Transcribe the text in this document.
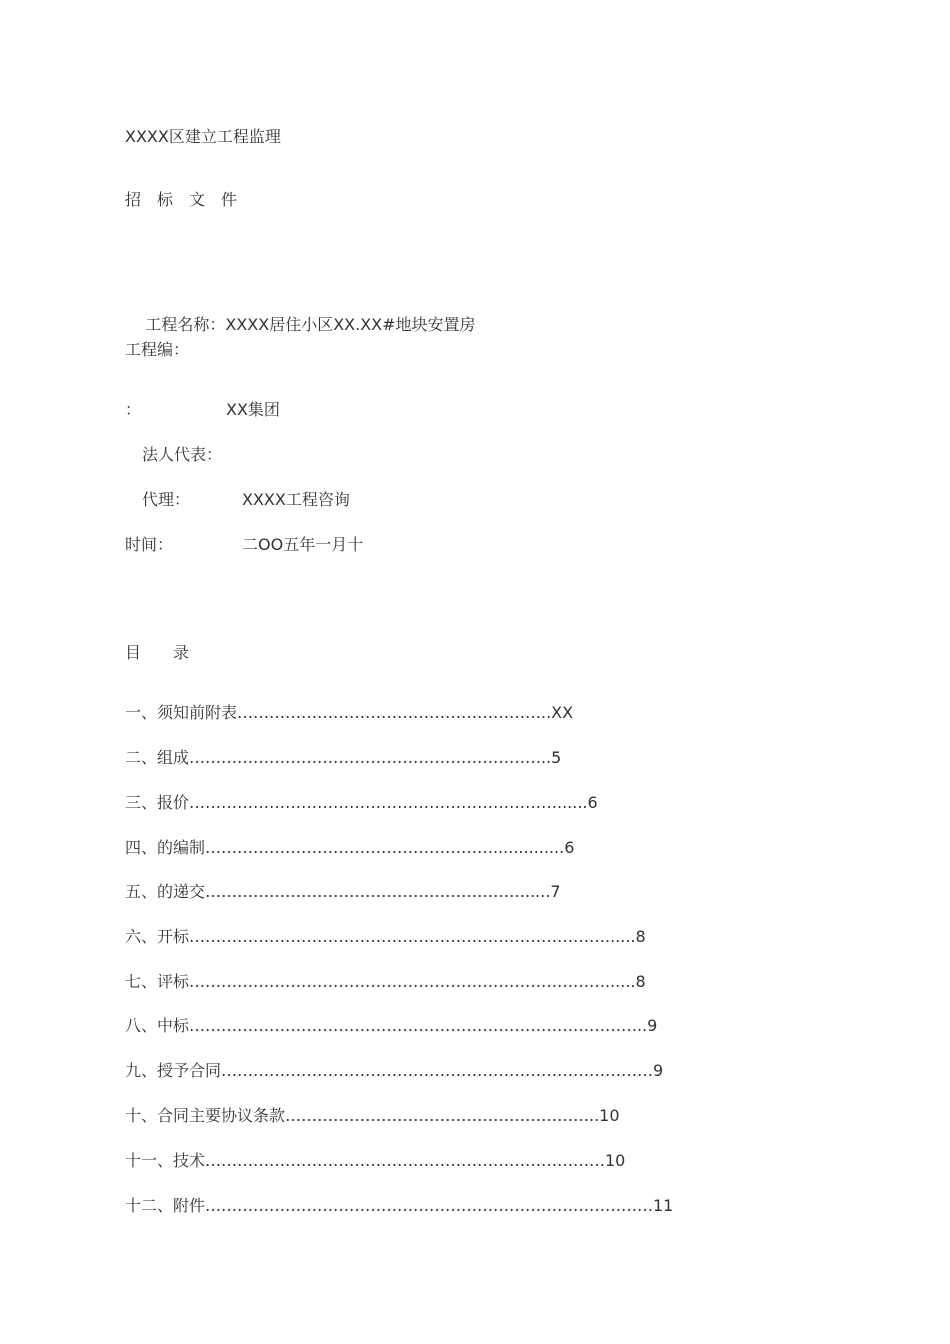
XXXX区建立工程监理
招　标　文　件

工程名称：XXXX居住小区XX.XX#地块安置房

工程编：
：	XX集团
法人代表：
代理：	XXXX工程咨询
时间：	二OO五年一月十
目　　录
一、须知前附表…………………………………………………..XX
二、组成…………………………………………………………..5
三、报价……………………………………………………………......6
四、的编制………………………………………………..............6
五、的递交…………………………………………………….....7
六、开标……………………………………………………………………......8
七、评标……………………………………………………………………......8
八、中标…………………………………………………………………………..9
九、授予合同………………………………………………………………………9
十、合同主要协议条款…………………………………………………..10
十一、技术…………………………………………………………………10
十二、附件…………………………………………………………………………11
